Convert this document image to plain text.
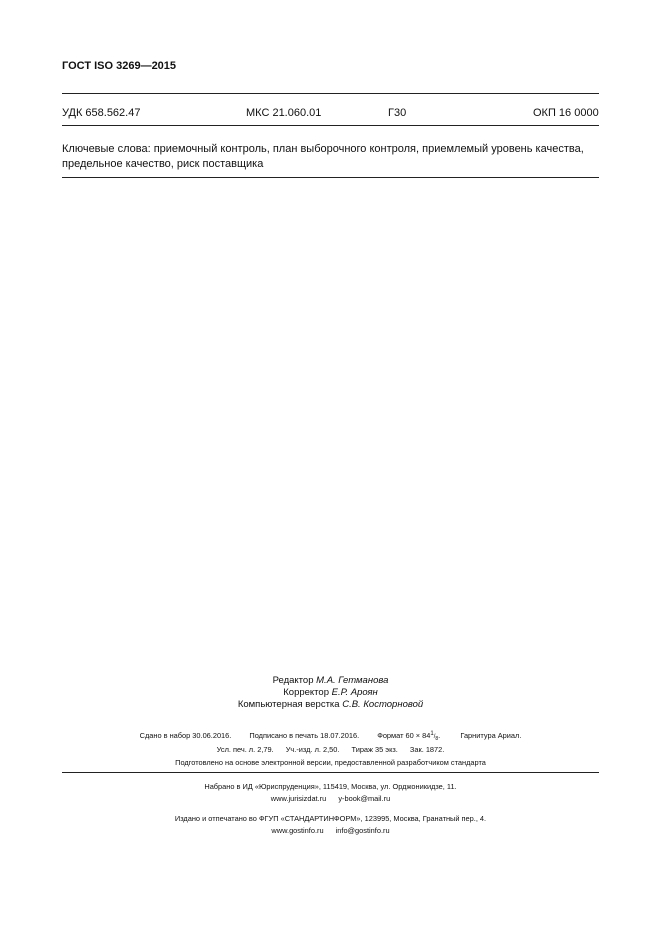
ГОСТ ISO 3269—2015
УДК 658.562.47	МКС 21.060.01	Г30	ОКП 16 0000
Ключевые слова: приемочный контроль, план выборочного контроля, приемлемый уровень качества, предельное качество, риск поставщика
Редактор М.А. Гетманова
Корректор Е.Р. Ароян
Компьютерная верстка С.В. Косторновой
Сдано в набор 30.06.2016. Подписано в печать 18.07.2016. Формат $60 \times 841/_8$.	Гарнитура Ариал.
Усл. печ. л. 2,79. Уч.-изд. л. 2,50. Тираж 35 экз. Зак. 1872.
Подготовлено на основе электронной версии, предоставленной разработчиком стандарта
Набрано в ИД «Юриспруденция», 115419, Москва, ул. Орджоникидзе, 11.
www.jurisizdat.ru y-book@mail.ru
Издано и отпечатано во ФГУП «СТАНДАРТИНФОРМ», 123995, Москва, Гранатный пер., 4.
www.gostinfo.ru info@gostinfo.ru
